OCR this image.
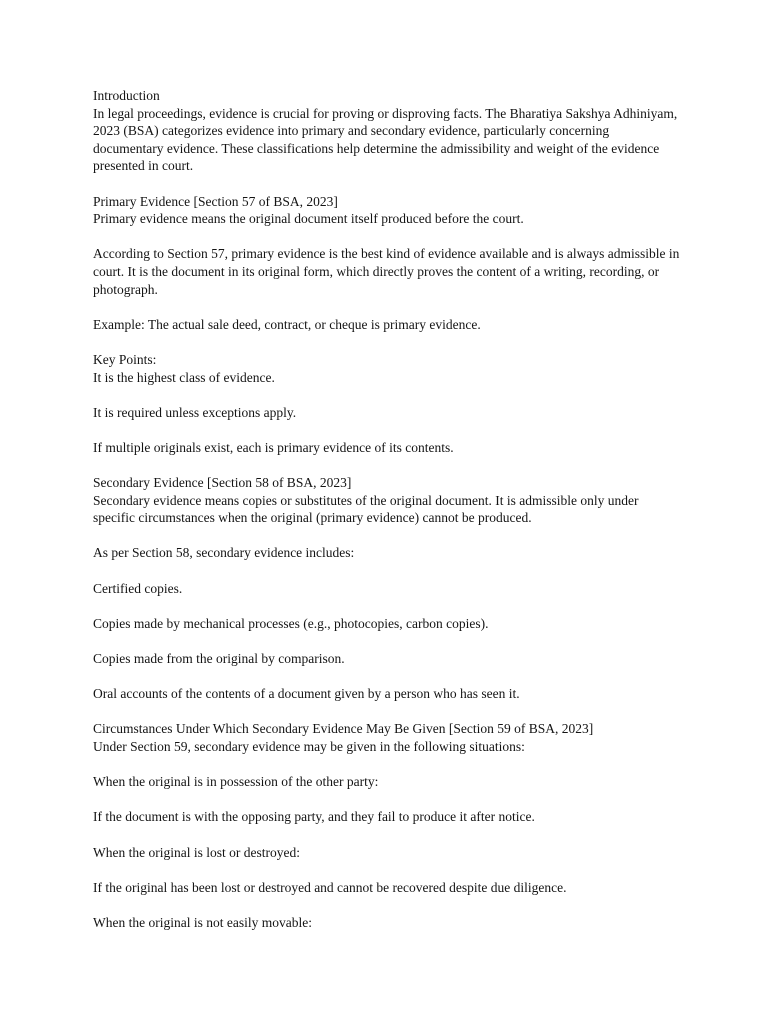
Introduction

In legal proceedings, evidence is crucial for proving or disproving facts. The Bharatiya Sakshya Adhiniyam, 2023 (BSA) categorizes evidence into primary and secondary evidence, particularly concerning documentary evidence. These classifications help determine the admissibility and weight of the evidence presented in court.

Primary Evidence [Section 57 of BSA, 2023]

Primary evidence means the original document itself produced before the court.

According to Section 57, primary evidence is the best kind of evidence available and is always admissible in court. It is the document in its original form, which directly proves the content of a writing, recording, or photograph.

Example: The actual sale deed, contract, or cheque is primary evidence.

Key Points:

It is the highest class of evidence.

It is required unless exceptions apply.

If multiple originals exist, each is primary evidence of its contents.

Secondary Evidence [Section 58 of BSA, 2023]

Secondary evidence means copies or substitutes of the original document. It is admissible only under specific circumstances when the original (primary evidence) cannot be produced.

As per Section 58, secondary evidence includes:

Certified copies.

Copies made by mechanical processes (e.g., photocopies, carbon copies).

Copies made from the original by comparison.

Oral accounts of the contents of a document given by a person who has seen it.

Circumstances Under Which Secondary Evidence May Be Given [Section 59 of BSA, 2023]

Under Section 59, secondary evidence may be given in the following situations:

When the original is in possession of the other party:

If the document is with the opposing party, and they fail to produce it after notice.

When the original is lost or destroyed:

If the original has been lost or destroyed and cannot be recovered despite due diligence.

When the original is not easily movable:
